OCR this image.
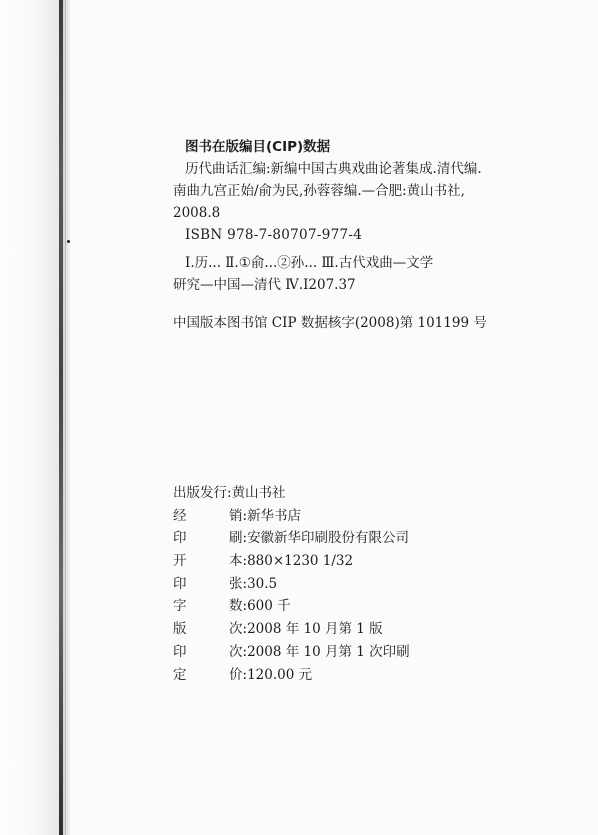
图书在版编目(CIP)数据
历代曲话汇编:新编中国古典戏曲论著集成.清代编.
南曲九宫正始/俞为民,孙蓉蓉编.—合肥:黄山书社,
2008.8
ISBN 978-7-80707-977-4
Ⅰ.历... Ⅱ.①俞...②孙... Ⅲ.古代戏曲—文学
研究—中国—清代 Ⅳ.I207.37
中国版本图书馆 CIP 数据核字(2008)第 101199 号
出版发行:黄山书社
经	销:新华书店
印	刷:安徽新华印刷股份有限公司
开	本:880×1230 1/32
印	张:30.5
字	数:600 千
版	次:2008 年 10 月第 1 版
印	次:2008 年 10 月第 1 次印刷
定	价:120.00 元
